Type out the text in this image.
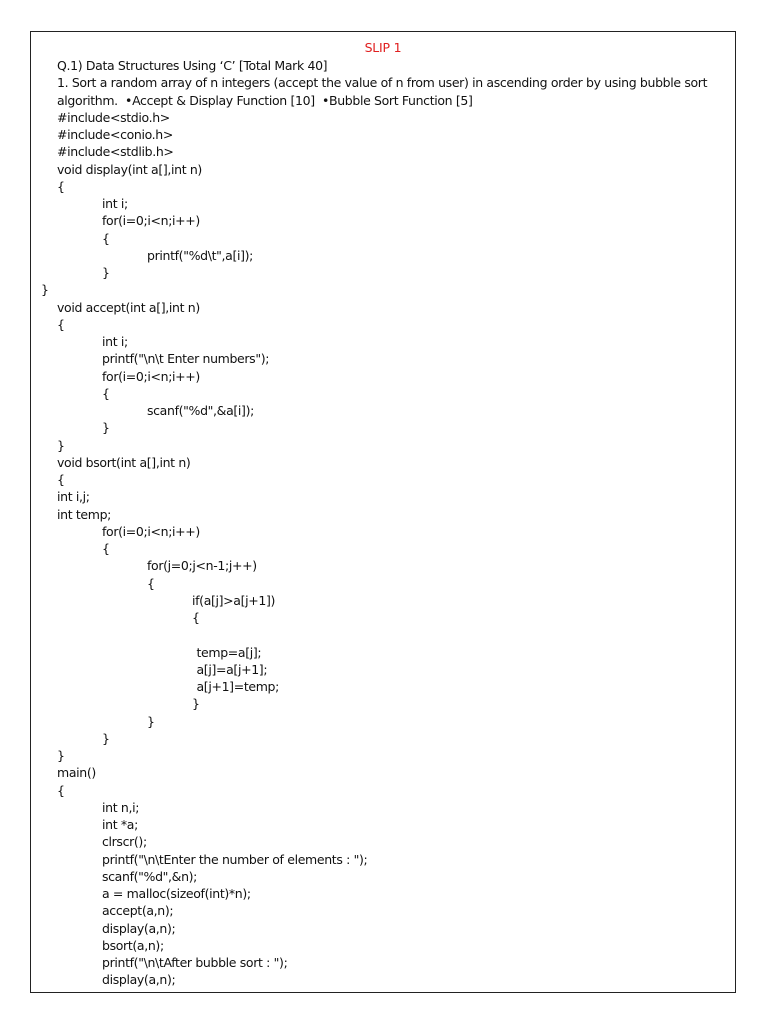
SLIP 1
Q.1) Data Structures Using ‘C’ [Total Mark 40]
1. Sort a random array of n integers (accept the value of n from user) in ascending order by using bubble sort
algorithm.  •Accept & Display Function [10]  •Bubble Sort Function [5]
#include<stdio.h>
#include<conio.h>
#include<stdlib.h>
void display(int a[],int n)
{
int i;
for(i=0;i<n;i++)
{
printf("%d\t",a[i]);
}
}
void accept(int a[],int n)
{
int i;
printf("\n\t Enter numbers");
for(i=0;i<n;i++)
{
scanf("%d",&a[i]);
}
}
void bsort(int a[],int n)
{
int i,j;
int temp;
for(i=0;i<n;i++)
{
for(j=0;j<n-1;j++)
{
if(a[j]>a[j+1])
{
temp=a[j];
a[j]=a[j+1];
a[j+1]=temp;
}
}
}
}
main()
{
int n,i;
int *a;
clrscr();
printf("\n\tEnter the number of elements : ");
scanf("%d",&n);
a = malloc(sizeof(int)*n);
accept(a,n);
display(a,n);
bsort(a,n);
printf("\n\tAfter bubble sort : ");
display(a,n);
